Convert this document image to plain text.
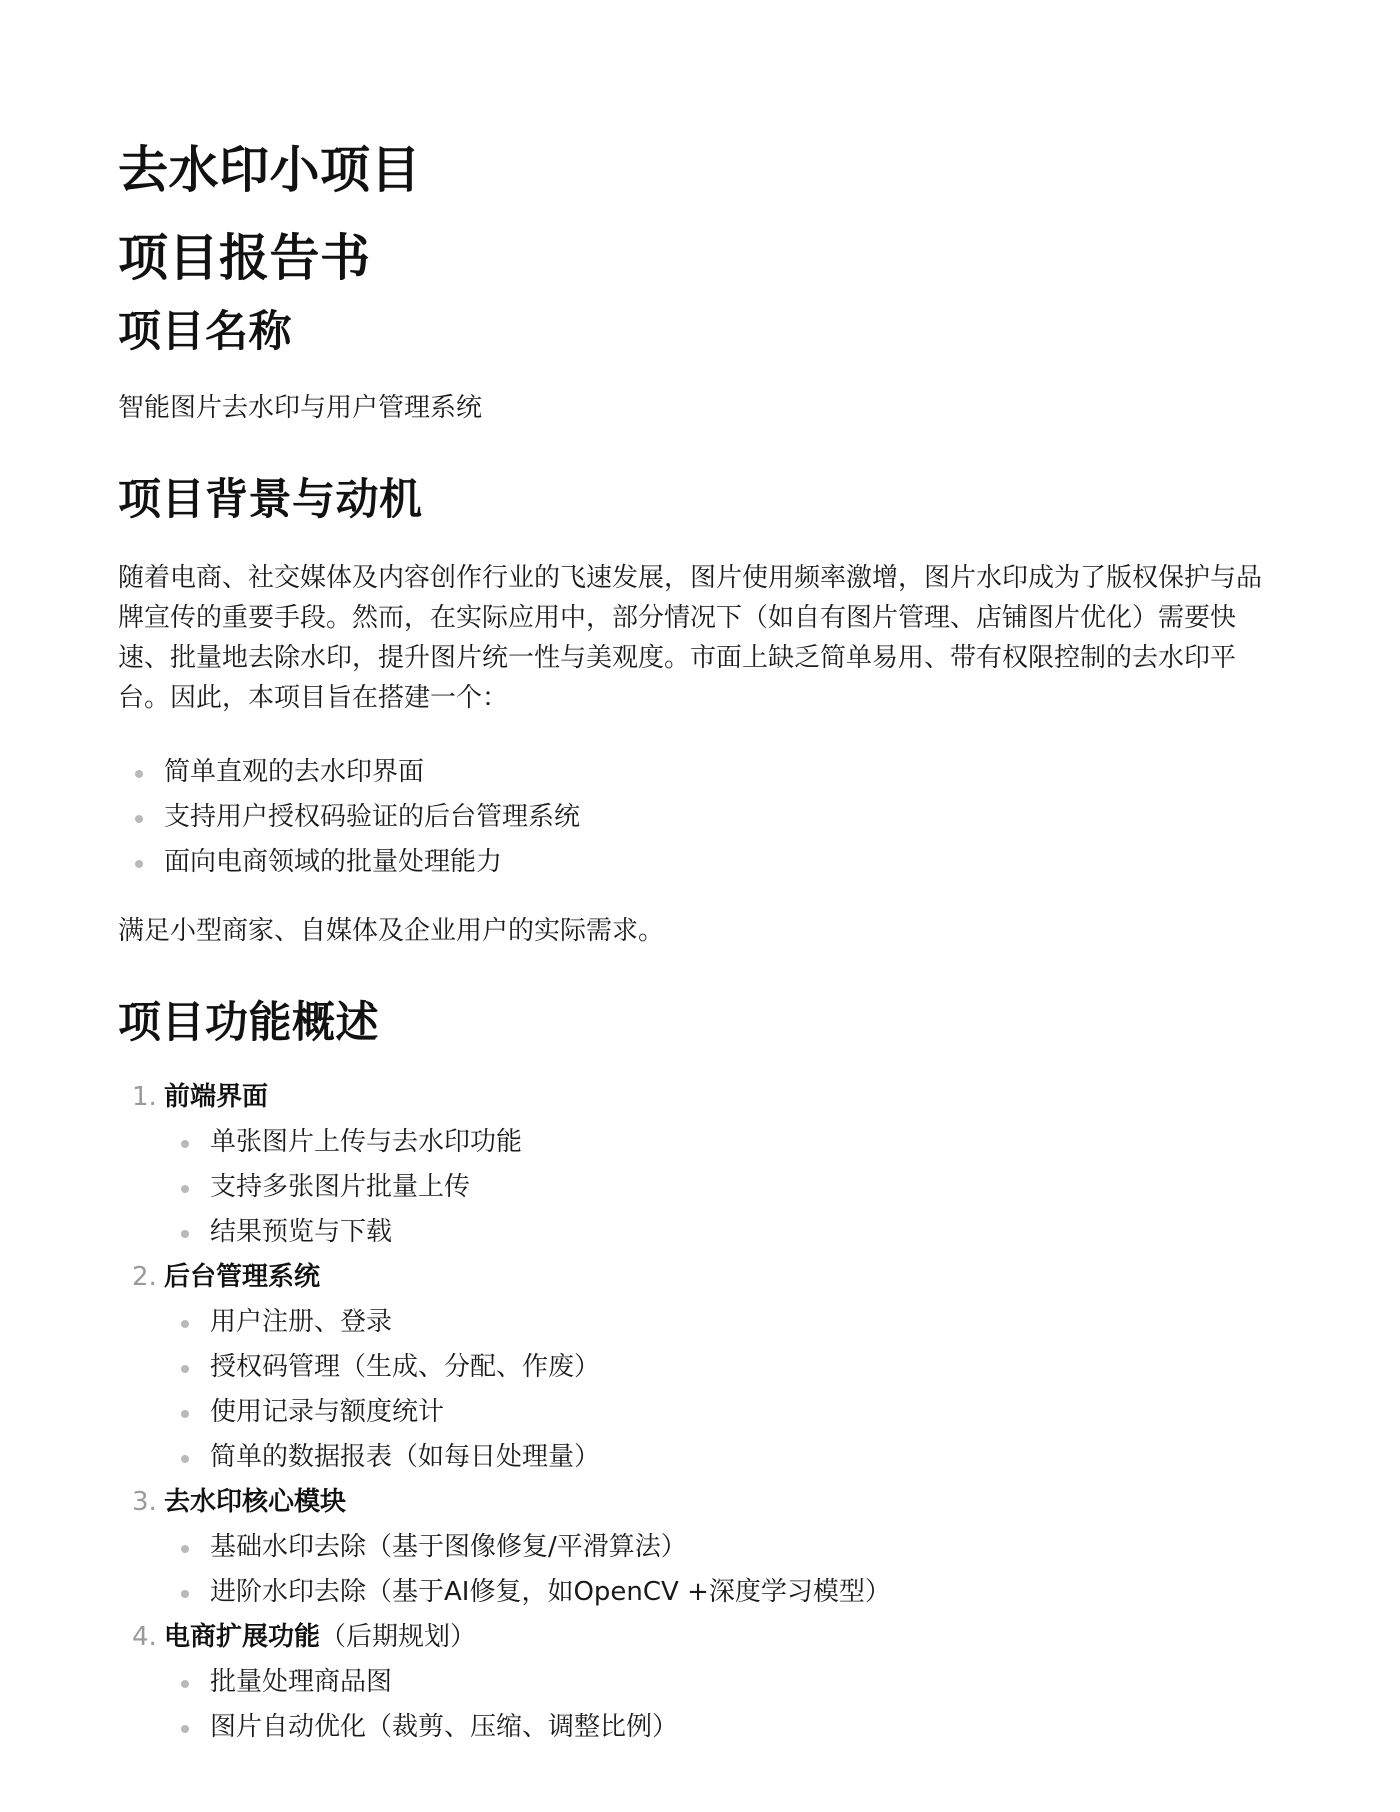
去水印小项目
项目报告书
项目名称

智能图片去水印与用户管理系统

项目背景与动机

随着电商、社交媒体及内容创作行业的飞速发展，图片使用频率激增，图片水印成为了版权保护与品牌宣传的重要手段。然而，在实际应用中，部分情况下（如自有图片管理、店铺图片优化）需要快速、批量地去除水印，提升图片统一性与美观度。市面上缺乏简单易用、带有权限控制的去水印平台。因此，本项目旨在搭建一个：

简单直观的去水印界面
支持用户授权码验证的后台管理系统
面向电商领域的批量处理能力

满足小型商家、自媒体及企业用户的实际需求。

项目功能概述
1. 前端界面
单张图片上传与去水印功能
支持多张图片批量上传
结果预览与下载
2. 后台管理系统
用户注册、登录
授权码管理（生成、分配、作废）
使用记录与额度统计
简单的数据报表（如每日处理量）
3. 去水印核心模块
基础水印去除（基于图像修复/平滑算法）
进阶水印去除（基于AI修复，如OpenCV +深度学习模型）
4. 电商扩展功能（后期规划）
批量处理商品图
图片自动优化（裁剪、压缩、调整比例）
